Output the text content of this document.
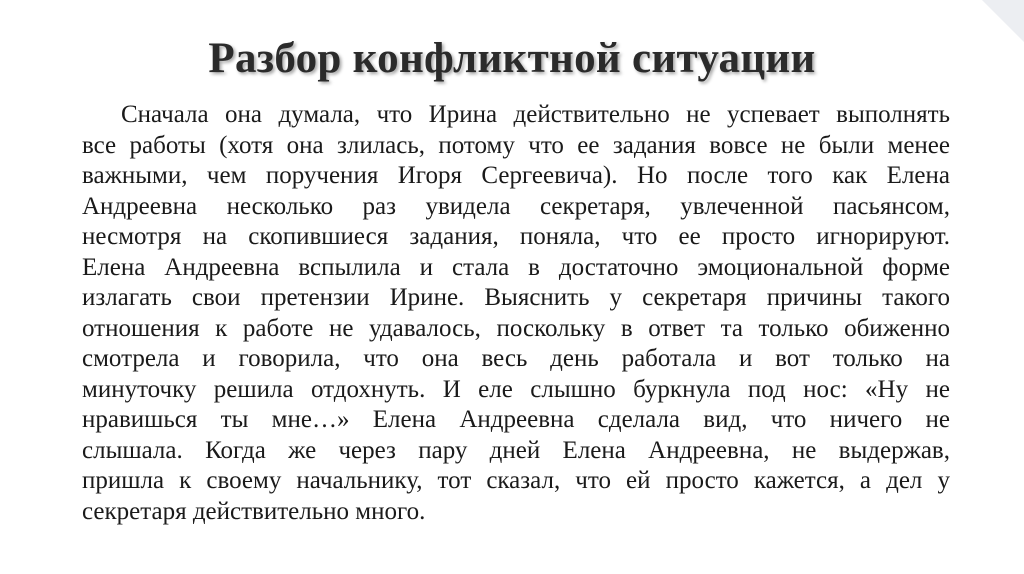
Разбор конфликтной ситуации
Сначала она думала, что Ирина действительно не успевает выполнять
все работы (хотя она злилась, потому что ее задания вовсе не были менее
важными, чем поручения Игоря Сергеевича). Но после того как Елена
Андреевна несколько раз увидела секретаря, увлеченной пасьянсом,
несмотря на скопившиеся задания, поняла, что ее просто игнорируют.
Елена Андреевна вспылила и стала в достаточно эмоциональной форме
излагать свои претензии Ирине. Выяснить у секретаря причины такого
отношения к работе не удавалось, поскольку в ответ та только обиженно
смотрела и говорила, что она весь день работала и вот только на
минуточку решила отдохнуть. И еле слышно буркнула под нос: «Ну не
нравишься ты мне…» Елена Андреевна сделала вид, что ничего не
слышала. Когда же через пару дней Елена Андреевна, не выдержав,
пришла к своему начальнику, тот сказал, что ей просто кажется, а дел у
секретаря действительно много.
